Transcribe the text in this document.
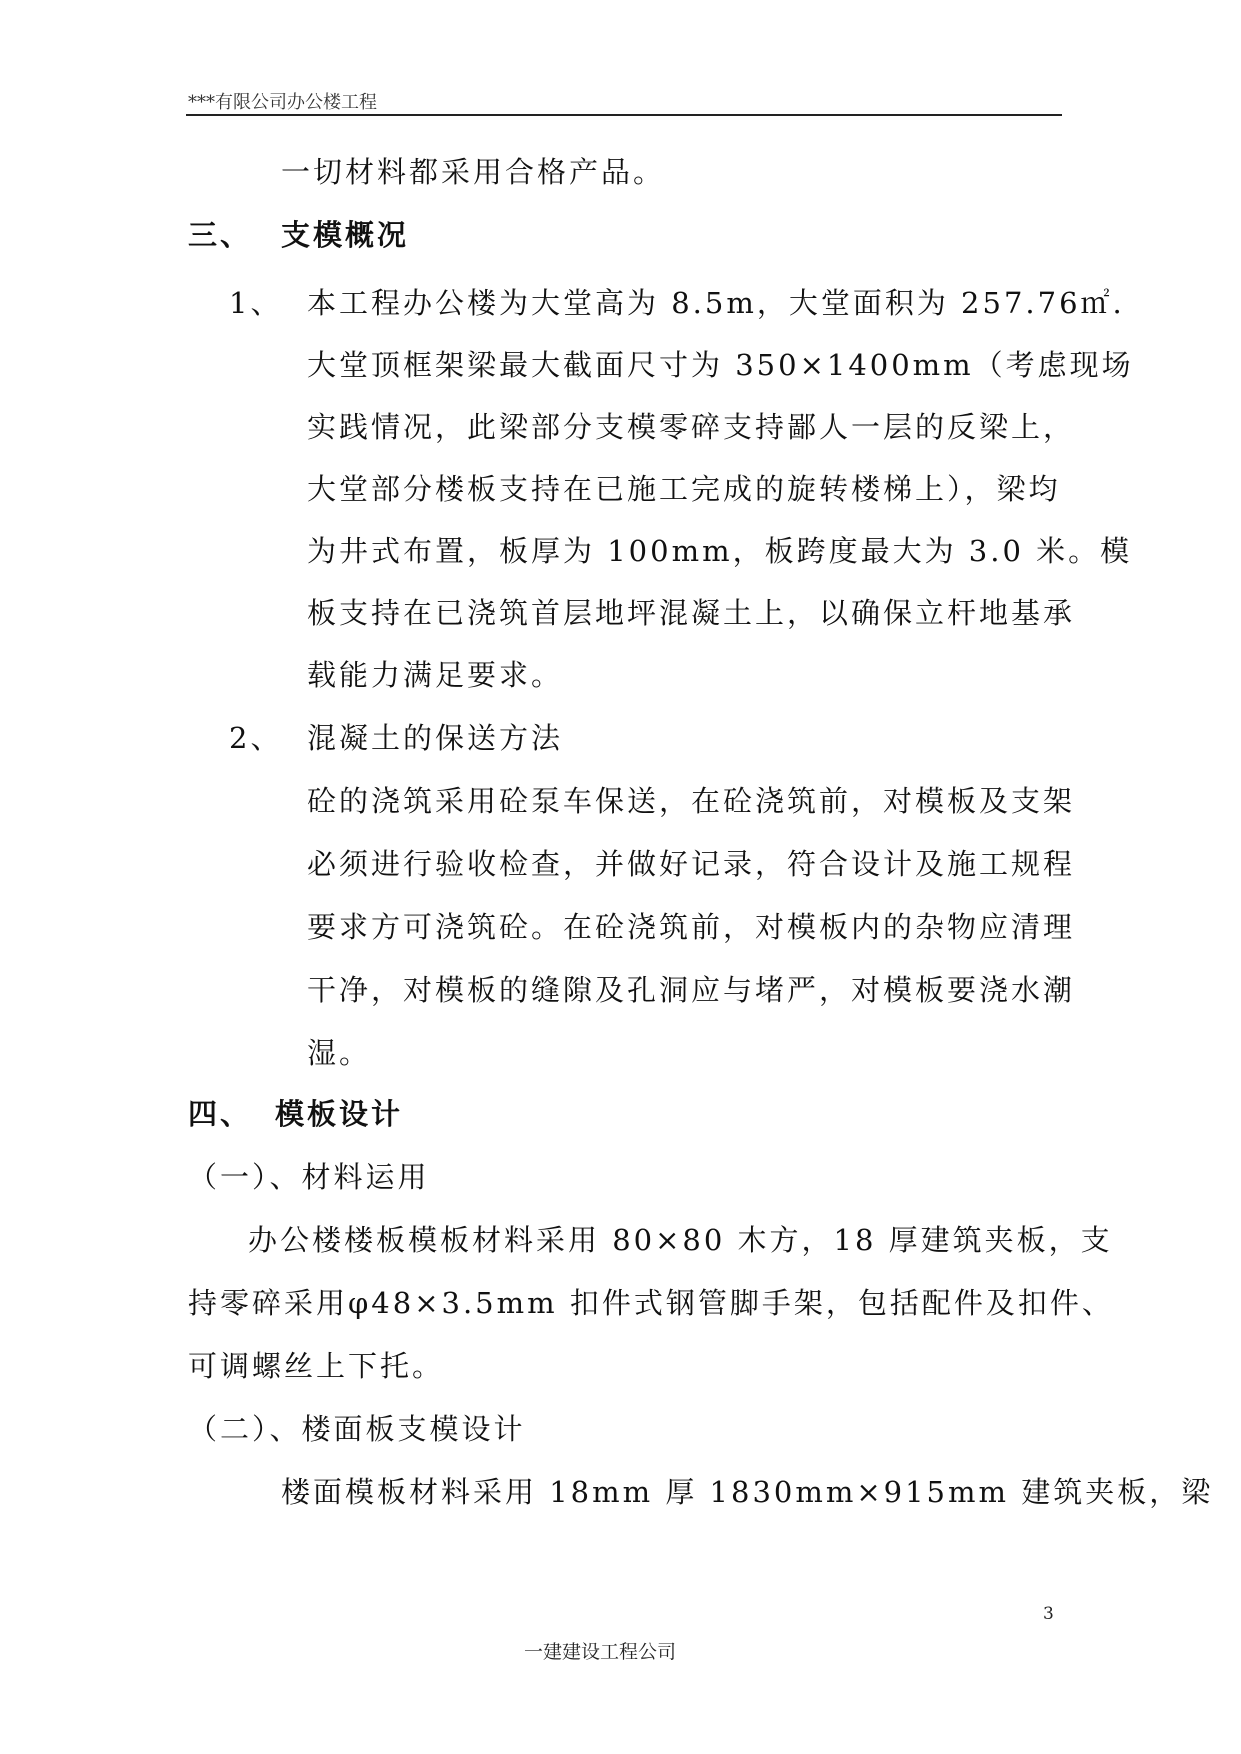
***有限公司办公楼工程
一切材料都采用合格产品。
三、 支模概况
1、 本工程办公楼为大堂高为 8.5m，大堂面积为 257.76㎡.
大堂顶框架梁最大截面尺寸为 350×1400mm（考虑现场
实践情况，此梁部分支模零碎支持鄙人一层的反梁上，
大堂部分楼板支持在已施工完成的旋转楼梯上），梁均
为井式布置，板厚为 100mm，板跨度最大为 3.0 米。模
板支持在已浇筑首层地坪混凝土上，以确保立杆地基承
载能力满足要求。
2、 混凝土的保送方法
砼的浇筑采用砼泵车保送，在砼浇筑前，对模板及支架
必须进行验收检查，并做好记录，符合设计及施工规程
要求方可浇筑砼。在砼浇筑前，对模板内的杂物应清理
干净，对模板的缝隙及孔洞应与堵严，对模板要浇水潮
湿。
四、 模板设计
（一）、材料运用
办公楼楼板模板材料采用 80×80 木方，18 厚建筑夹板，支
持零碎采用φ48×3.5mm 扣件式钢管脚手架，包括配件及扣件、
可调螺丝上下托。
（二）、楼面板支模设计
楼面模板材料采用 18mm 厚 1830mm×915mm 建筑夹板，梁
3
一建建设工程公司
